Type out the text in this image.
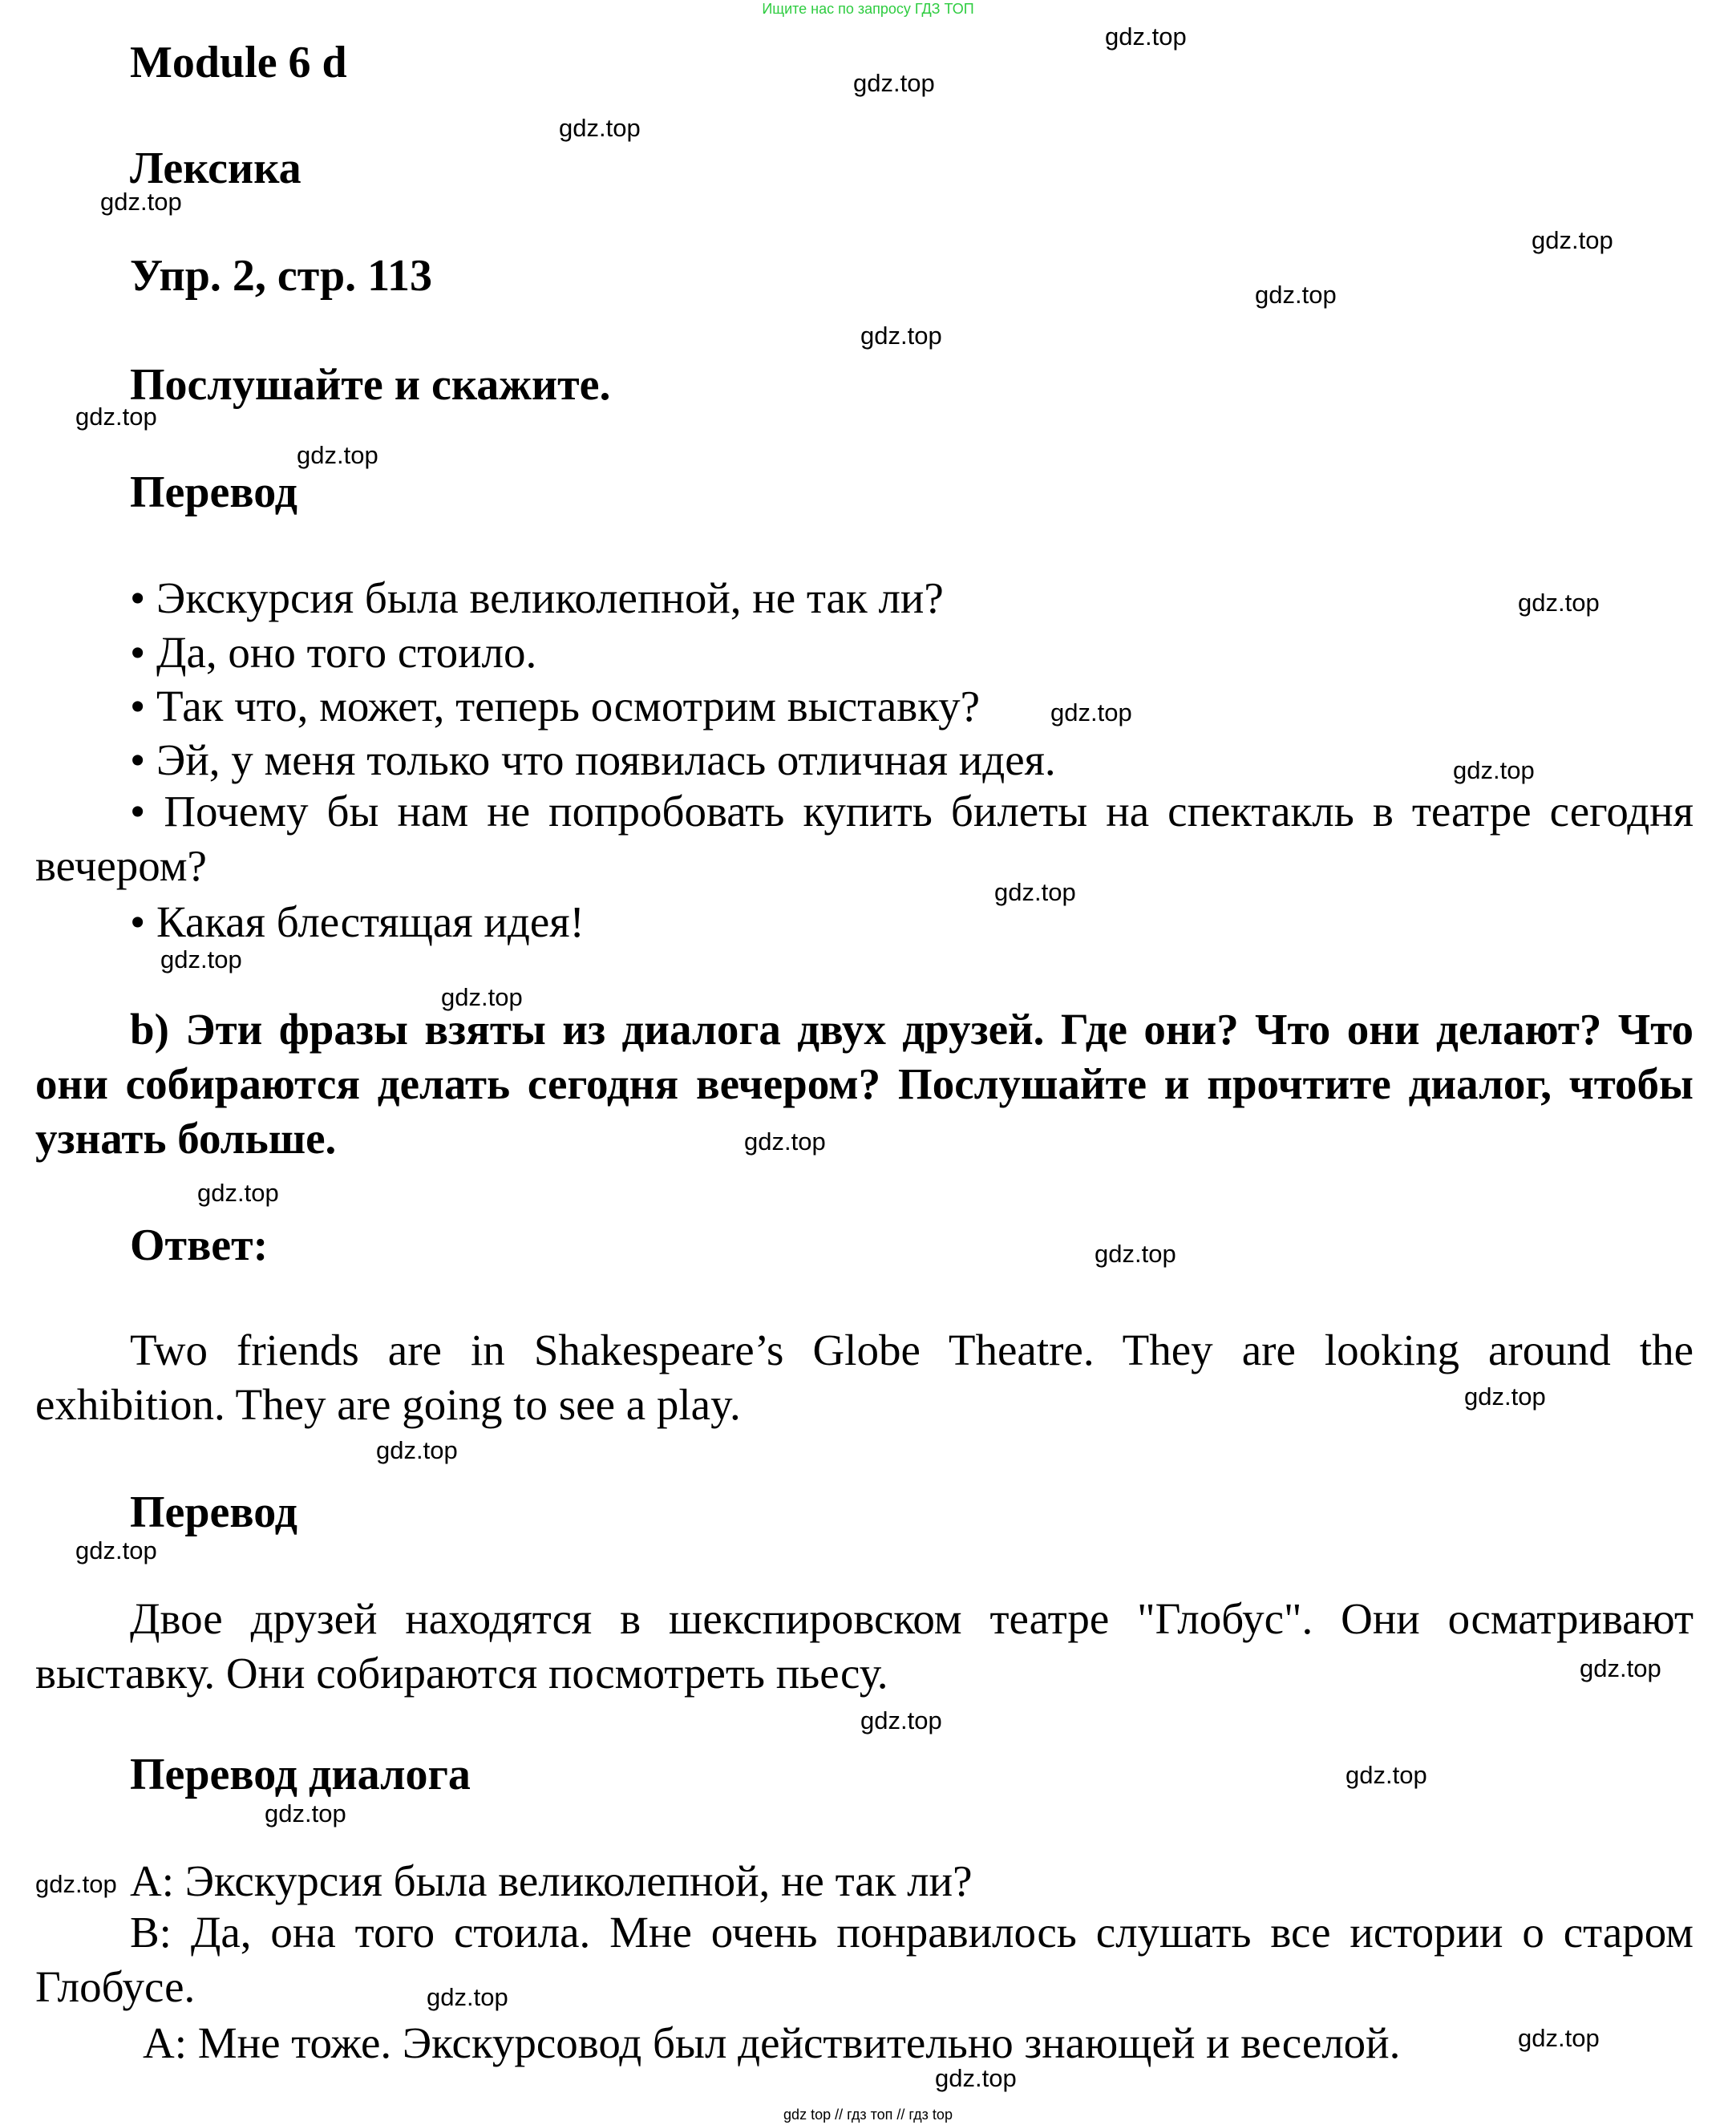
Ищите нас по запросу ГДЗ ТОП
Module 6 d
Лексика
Упр. 2, стр. 113
Послушайте и скажите.
Перевод
• Экскурсия была великолепной, не так ли?
• Да, оно того стоило.
• Так что, может, теперь осмотрим выставку?
• Эй, у меня только что появилась отличная идея.
• Почему бы нам не попробовать купить билеты на спектакль в театре сегодня вечером?
• Какая блестящая идея!
b) Эти фразы взяты из диалога двух друзей. Где они? Что они делают? Что они собираются делать сегодня вечером? Послушайте и прочтите диалог, чтобы узнать больше.
Ответ:
Two friends are in Shakespeare’s Globe Theatre. They are looking around the exhibition. They are going to see a play.
Перевод
Двое друзей находятся в шекспировском театре "Глобус". Они осматривают выставку. Они собираются посмотреть пьесу.
Перевод диалога
A: Экскурсия была великолепной, не так ли?
B: Да, она того стоила. Мне очень понравилось слушать все истории о старом Глобусе.
A: Мне тоже. Экскурсовод был действительно знающей и веселой.
gdz.top
gdz.top
gdz.top
gdz.top
gdz.top
gdz.top
gdz.top
gdz.top
gdz.top
gdz.top
gdz.top
gdz.top
gdz.top
gdz.top
gdz.top
gdz.top
gdz.top
gdz.top
gdz.top
gdz.top
gdz.top
gdz.top
gdz.top
gdz.top
gdz.top
gdz.top
gdz.top
gdz.top
gdz.top
gdz top // гдз топ // гдз top
